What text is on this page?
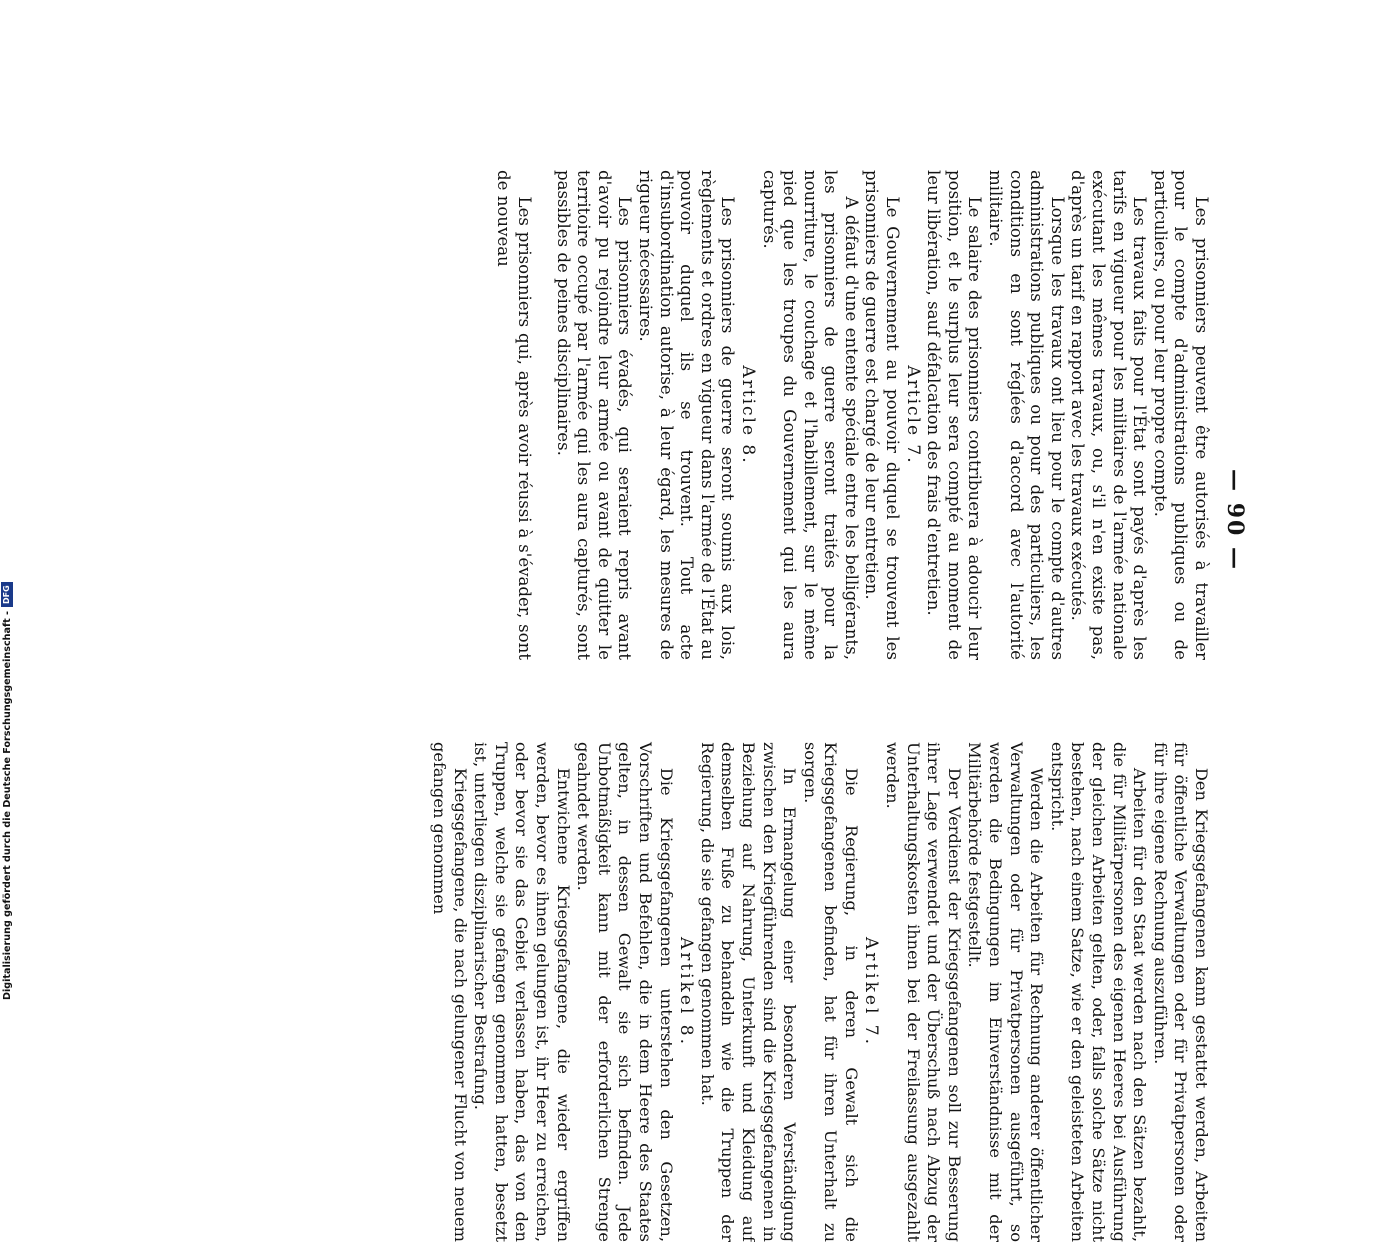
— 90 —

Les prisonniers peuvent être autorisés à travailler pour le compte d'administrations publiques ou de particuliers, ou pour leur propre compte.

Les travaux faits pour l'État sont payés d'après les tarifs en vigueur pour les militaires de l'armée nationale exécutant les mêmes travaux, ou, s'il n'en existe pas, d'après un tarif en rapport avec les travaux exécutés.

Lorsque les travaux ont lieu pour le compte d'autres administrations publiques ou pour des particuliers, les conditions en sont réglées d'accord avec l'autorité militaire.

Le salaire des prisonniers contribuera à adoucir leur position, et le surplus leur sera compté au moment de leur libération, sauf défalcation des frais d'entretien.

Article 7.

Le Gouvernement au pouvoir duquel se trouvent les prisonniers de guerre est chargé de leur entretien.

A défaut d'une entente spéciale entre les belligérants, les prisonniers de guerre seront traités pour la nourriture, le couchage et l'habillement, sur le même pied que les troupes du Gouvernement qui les aura capturés.

Article 8.

Les prisonniers de guerre seront soumis aux lois, règlements et ordres en vigueur dans l'armée de l'État au pouvoir duquel ils se trouvent. Tout acte d'insubordination autorise, à leur égard, les mesures de rigueur nécessaires.

Les prisonniers évadés, qui seraient repris avant d'avoir pu rejoindre leur armée ou avant de quitter le territoire occupé par l'armée qui les aura capturés, sont passibles de peines disciplinaires.

Les prisonniers qui, après avoir réussi à s'évader, sont de nouveau

Den Kriegsgefangenen kann gestattet werden, Arbeiten für öffentliche Verwaltungen oder für Privatpersonen oder für ihre eigene Rechnung auszuführen.

Arbeiten für den Staat werden nach den Sätzen bezahlt, die für Militärpersonen des eigenen Heeres bei Ausführung der gleichen Arbeiten gelten, oder, falls solche Sätze nicht bestehen, nach einem Satze, wie er den geleisteten Arbeiten entspricht.

Werden die Arbeiten für Rechnung anderer öffentlicher Verwaltungen oder für Privatpersonen ausgeführt, so werden die Bedingungen im Einverständnisse mit der Militärbehörde festgestellt.

Der Verdienst der Kriegsgefangenen soll zur Besserung ihrer Lage verwendet und der Überschuß nach Abzug der Unterhaltungskosten ihnen bei der Freilassung ausgezahlt werden.

Artikel 7.

Die Regierung, in deren Gewalt sich die Kriegsgefangenen befinden, hat für ihren Unterhalt zu sorgen.

In Ermangelung einer besonderen Verständigung zwischen den Kriegführenden sind die Kriegsgefangenen in Beziehung auf Nahrung, Unterkunft und Kleidung auf demselben Fuße zu behandeln wie die Truppen der Regierung, die sie gefangen genommen hat.

Artikel 8.

Die Kriegsgefangenen unterstehen den Gesetzen, Vorschriften und Befehlen, die in dem Heere des Staates gelten, in dessen Gewalt sie sich befinden. Jede Unbotmäßigkeit kann mit der erforderlichen Strenge geahndet werden.

Entwichene Kriegsgefangene, die wieder ergriffen werden, bevor es ihnen gelungen ist, ihr Heer zu erreichen, oder bevor sie das Gebiet verlassen haben, das von den Truppen, welche sie gefangen genommen hatten, besetzt ist, unterliegen disziplinarischer Bestrafung.

Kriegsgefangene, die nach gelungener Flucht von neuem gefangen genommen

Digitalisierung gefördert durch die Deutsche Forschungsgemeinschaft -
DFG
